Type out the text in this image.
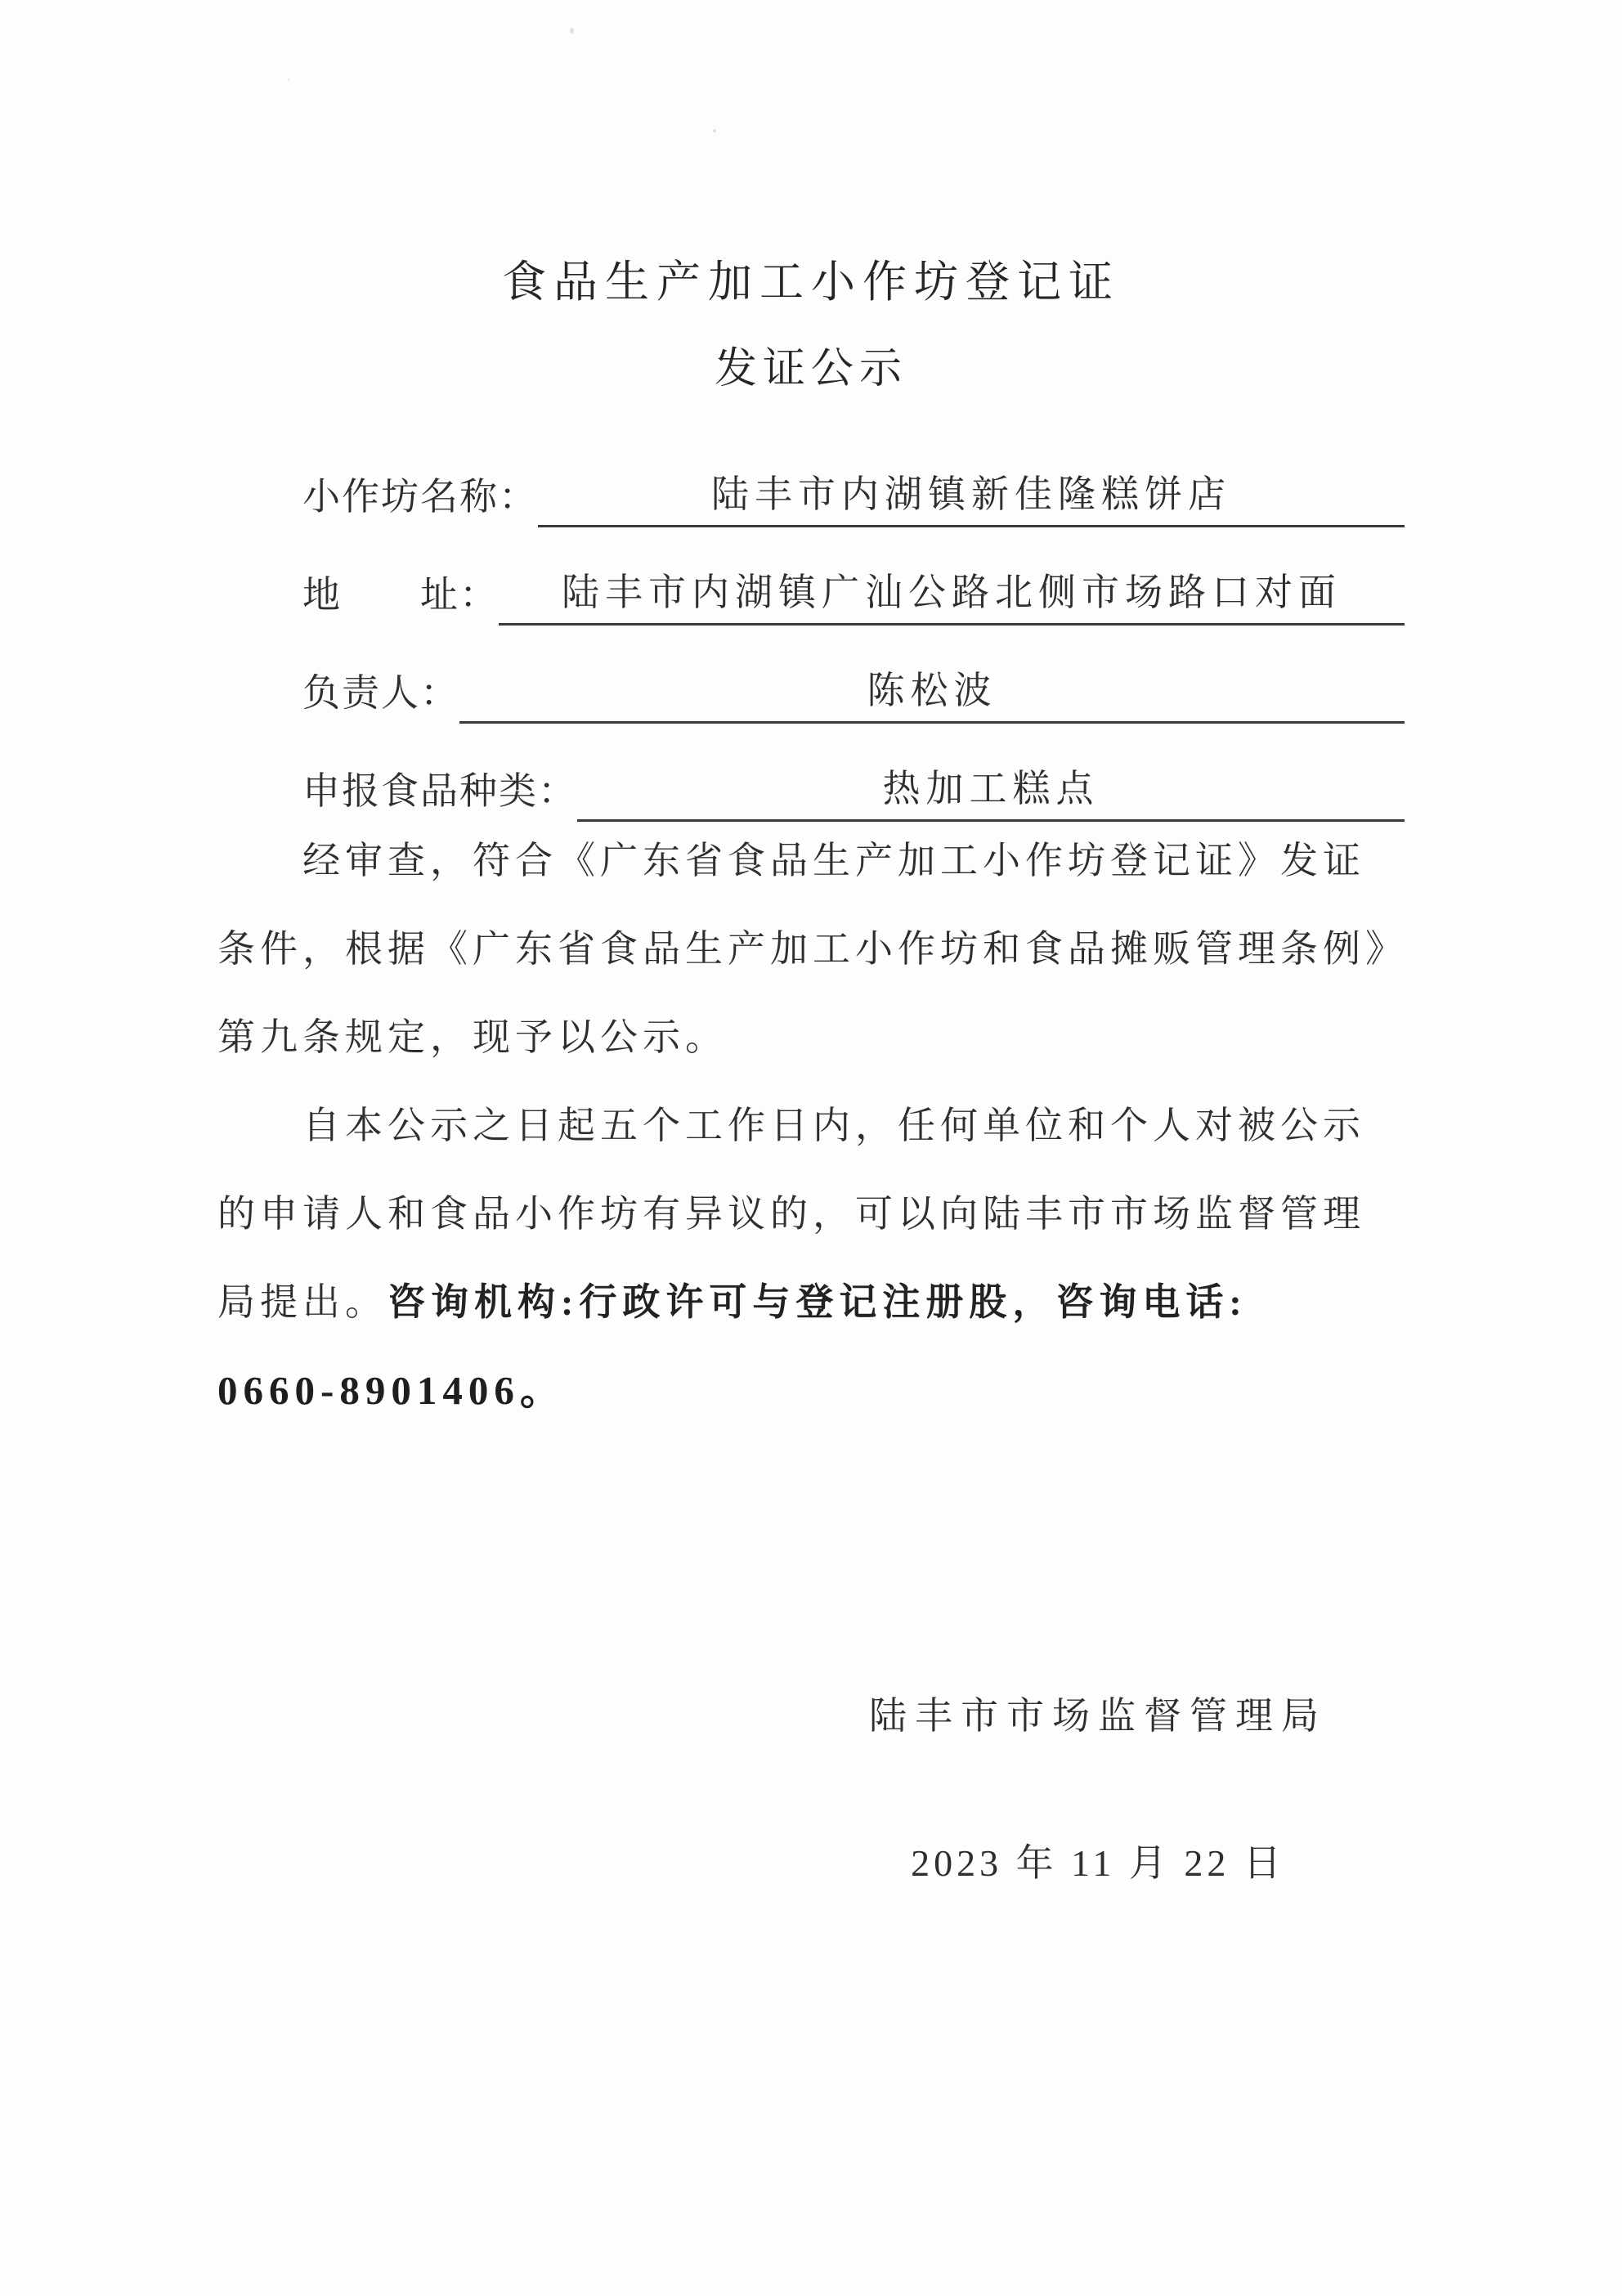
食品生产加工小作坊登记证
发证公示
小作坊名称：	陆丰市内湖镇新佳隆糕饼店
地　　址：	陆丰市内湖镇广汕公路北侧市场路口对面
负责人：	陈松波
申报食品种类：	热加工糕点
经审查，符合《广东省食品生产加工小作坊登记证》发证
条件，根据《广东省食品生产加工小作坊和食品摊贩管理条例》
第九条规定，现予以公示。
自本公示之日起五个工作日内，任何单位和个人对被公示
的申请人和食品小作坊有异议的，可以向陆丰市市场监督管理
局提出。 咨询机构:行政许可与登记注册股，咨询电话:
0660-8901406。
陆丰市市场监督管理局
2023 年 11 月 22 日
